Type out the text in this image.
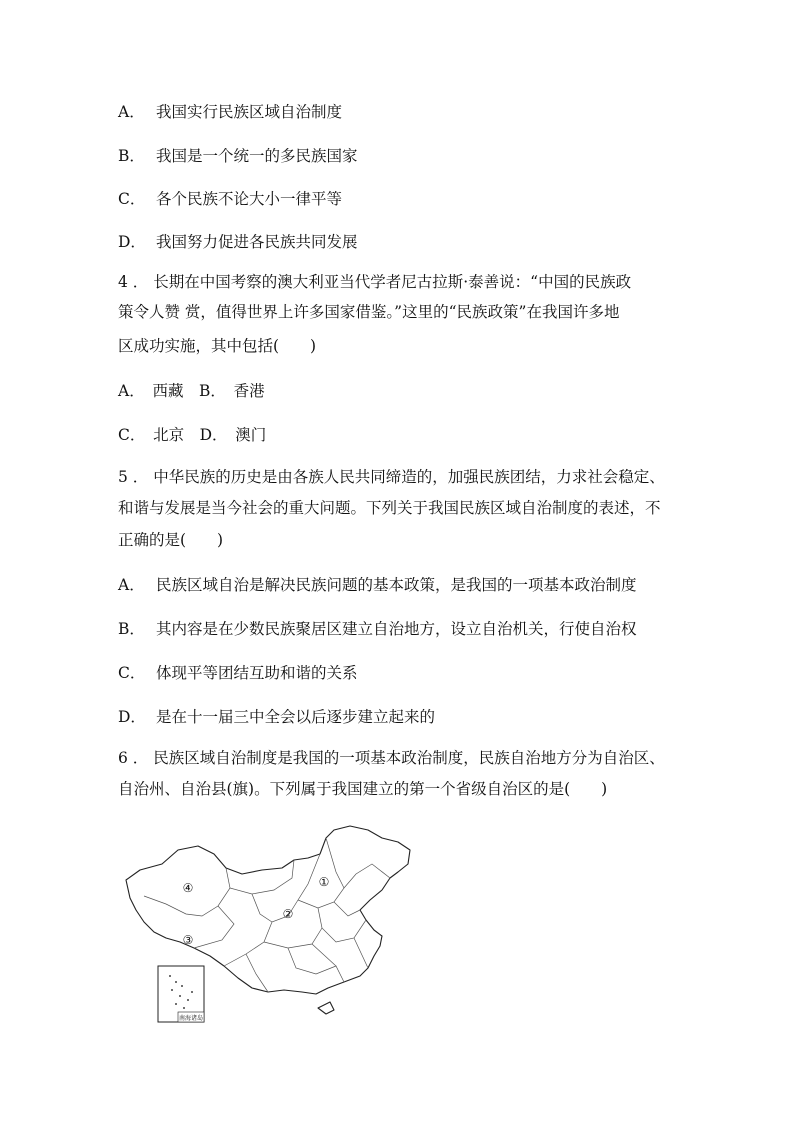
A． 我国实行民族区域自治制度
B． 我国是一个统一的多民族国家
C． 各个民族不论大小一律平等
D． 我国努力促进各民族共同发展
4 ． 长期在中国考察的澳大利亚当代学者尼古拉斯·泰善说：“中国的民族政
策令人赞 赏，值得世界上许多国家借鉴。”这里的“民族政策”在我国许多地
区成功实施，其中包括(　　)
A．　西藏　B．　香港
C．　北京　D．　澳门
5 ． 中华民族的历史是由各族人民共同缔造的，加强民族团结，力求社会稳定、
和谐与发展是当今社会的重大问题。下列关于我国民族区域自治制度的表述，不
正确的是(　　)
A． 民族区域自治是解决民族问题的基本政策，是我国的一项基本政治制度
B． 其内容是在少数民族聚居区建立自治地方，设立自治机关，行使自治权
C． 体现平等团结互助和谐的关系
D． 是在十一届三中全会以后逐步建立起来的
6 ． 民族区域自治制度是我国的一项基本政治制度，民族自治地方分为自治区、
自治州、自治县(旗)。下列属于我国建立的第一个省级自治区的是(　　)
①
②
③
④
南海诸岛
